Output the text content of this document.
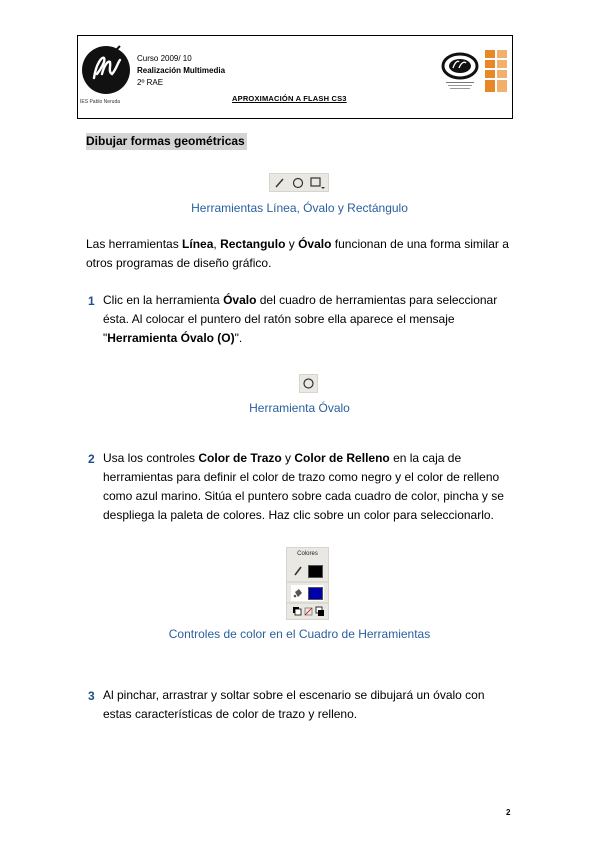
IES Pablo Neruda
Curso 2009/ 10
Realización Multimedia
2º RAE
APROXIMACIÓN A FLASH CS3
Dibujar formas geométricas
Herramientas Línea, Óvalo y Rectángulo
Las herramientas Línea, Rectangulo y Óvalo funcionan de una forma similar a otros programas de diseño gráfico.
1 Clic en la herramienta Óvalo del cuadro de herramientas para seleccionar ésta. Al colocar el puntero del ratón sobre ella aparece el mensaje "Herramienta Óvalo (O)".
Herramienta Óvalo
2 Usa los controles Color de Trazo y Color de Relleno en la caja de herramientas para definir el color de trazo como negro y el color de relleno como azul marino. Sitúa el puntero sobre cada cuadro de color, pincha y se despliega la paleta de colores. Haz clic sobre un color para seleccionarlo.
Colores
Controles de color en el Cuadro de Herramientas
3 Al pinchar, arrastrar y soltar sobre el escenario se dibujará un óvalo con estas características de color de trazo y relleno.
2
